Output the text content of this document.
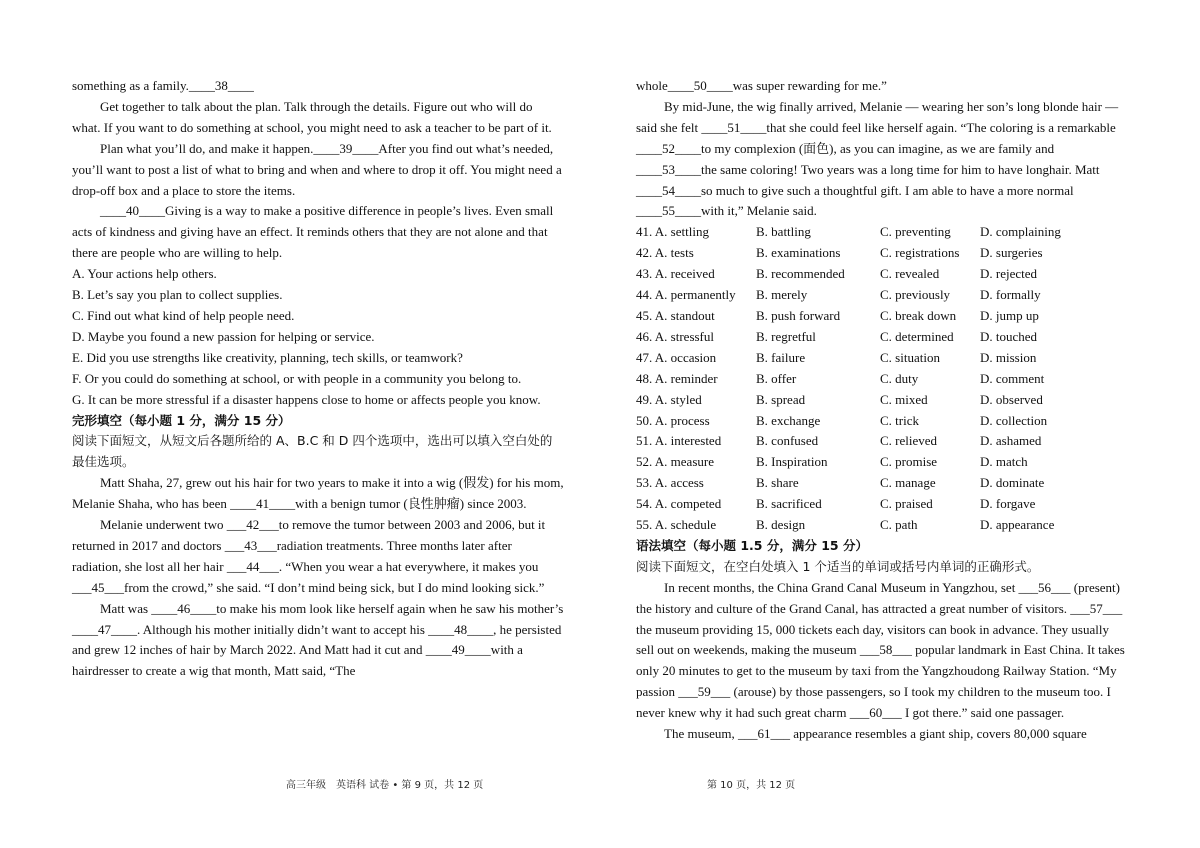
something as a family.____38____

Get together to talk about the plan. Talk through the details. Figure out who will do what. If you want to do something at school, you might need to ask a teacher to be part of it.

Plan what you’ll do, and make it happen.____39____After you find out what’s needed, you’ll want to post a list of what to bring and when and where to drop it off. You might need a drop-off box and a place to store the items.

____40____Giving is a way to make a positive difference in people’s lives. Even small acts of kindness and giving have an effect. It reminds others that they are not alone and that there are people who are willing to help.

A. Your actions help others.

B. Let’s say you plan to collect supplies.

C. Find out what kind of help people need.

D. Maybe you found a new passion for helping or service.

E. Did you use strengths like creativity, planning, tech skills, or teamwork?

F. Or you could do something at school, or with people in a community you belong to.

G. It can be more stressful if a disaster happens close to home or affects people you know.

完形填空（每小题 1 分，满分 15 分）

阅读下面短文，从短文后各题所给的 A、B.C 和 D 四个选项中，选出可以填入空白处的最佳选项。

Matt Shaha, 27, grew out his hair for two years to make it into a wig (假发) for his mom, Melanie Shaha, who has been ____41____with a benign tumor (良性肿瘤) since 2003.

Melanie underwent two ___42___to remove the tumor between 2003 and 2006, but it returned in 2017 and doctors ___43___radiation treatments. Three months later after radiation, she lost all her hair ___44___. “When you wear a hat everywhere, it makes you ___45___from the crowd,” she said. “I don’t mind being sick, but I do mind looking sick.”

Matt was ____46____to make his mom look like herself again when he saw his mother’s ____47____. Although his mother initially didn’t want to accept his ____48____, he persisted and grew 12 inches of hair by March 2022. And Matt had it cut and ____49____with a hairdresser to create a wig that month, Matt said, “The

whole____50____was super rewarding for me.”

By mid-June, the wig finally arrived, Melanie — wearing her son’s long blonde hair — said she felt ____51____that she could feel like herself again. “The coloring is a remarkable ____52____to my complexion (面色), as you can imagine, as we are family and ____53____the same coloring! Two years was a long time for him to have longhair. Matt ____54____so much to give such a thoughtful gift. I am able to have a more normal ____55____with it,” Melanie said.

41. A. settling	B. battling	C. preventing	D. complaining
42. A. tests	B. examinations	C. registrations	D. surgeries
43. A. received	B. recommended	C. revealed	D. rejected
44. A. permanently	B. merely	C. previously	D. formally
45. A. standout	B. push forward	C. break down	D. jump up
46. A. stressful	B. regretful	C. determined	D. touched
47. A. occasion	B. failure	C. situation	D. mission
48. A. reminder	B. offer	C. duty	D. comment
49. A. styled	B. spread	C. mixed	D. observed
50. A. process	B. exchange	C. trick	D. collection
51. A. interested	B. confused	C. relieved	D. ashamed
52. A. measure	B. Inspiration	C. promise	D. match
53. A. access	B. share	C. manage	D. dominate
54. A. competed	B. sacrificed	C. praised	D. forgave
55. A. schedule	B. design	C. path	D. appearance

语法填空（每小题 1.5 分，满分 15 分）

阅读下面短文，在空白处填入 1 个适当的单词或括号内单词的正确形式。

In recent months, the China Grand Canal Museum in Yangzhou, set ___56___ (present) the history and culture of the Grand Canal, has attracted a great number of visitors. ___57___ the museum providing 15, 000 tickets each day, visitors can book in advance. They usually sell out on weekends, making the museum ___58___ popular landmark in East China. It takes only 20 minutes to get to the museum by taxi from the Yangzhoudong Railway Station. “My passion ___59___ (arouse) by those passengers, so I took my children to the museum too. I never knew why it had such great charm ___60___ I got there.” said one passager.

The museum, ___61___ appearance resembles a giant ship, covers 80,000 square

高三年级　英语科 试卷 • 第 9 页，共 12 页	第 10 页，共 12 页
